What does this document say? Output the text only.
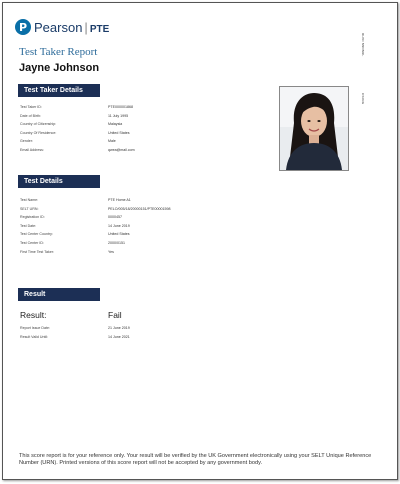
P Pearson | PTE
Test Taker Report
Jayne Johnson
RLINI NNNNRL
CSR3G
Test Taker Details
Test Taker ID:	PTE000001868
Date of Birth:	11 July 1995
Country of Citizenship:	Malaysia
Country Of Residence:	United States
Gender:	Male
Email Address:	qwea@mail.com
Test Details
Test Name:	PTE Home A1
SELT URN:	PELO/005/18/20000151/PTE00001598
Registration ID:	0000457
Test Date:	14 June 2019
Test Center Country:	United States
Test Center ID:	2000/0151
First Time Test Taker:	Yes
Result
Result:	Fail
Report Issue Date:	21 June 2019
Result Valid Until:	14 June 2021
This score report is for your reference only. Your result will be verified by the UK Government electronically using your SELT Unique Reference Number (URN). Printed versions of this score report will not be accepted by any government body.
